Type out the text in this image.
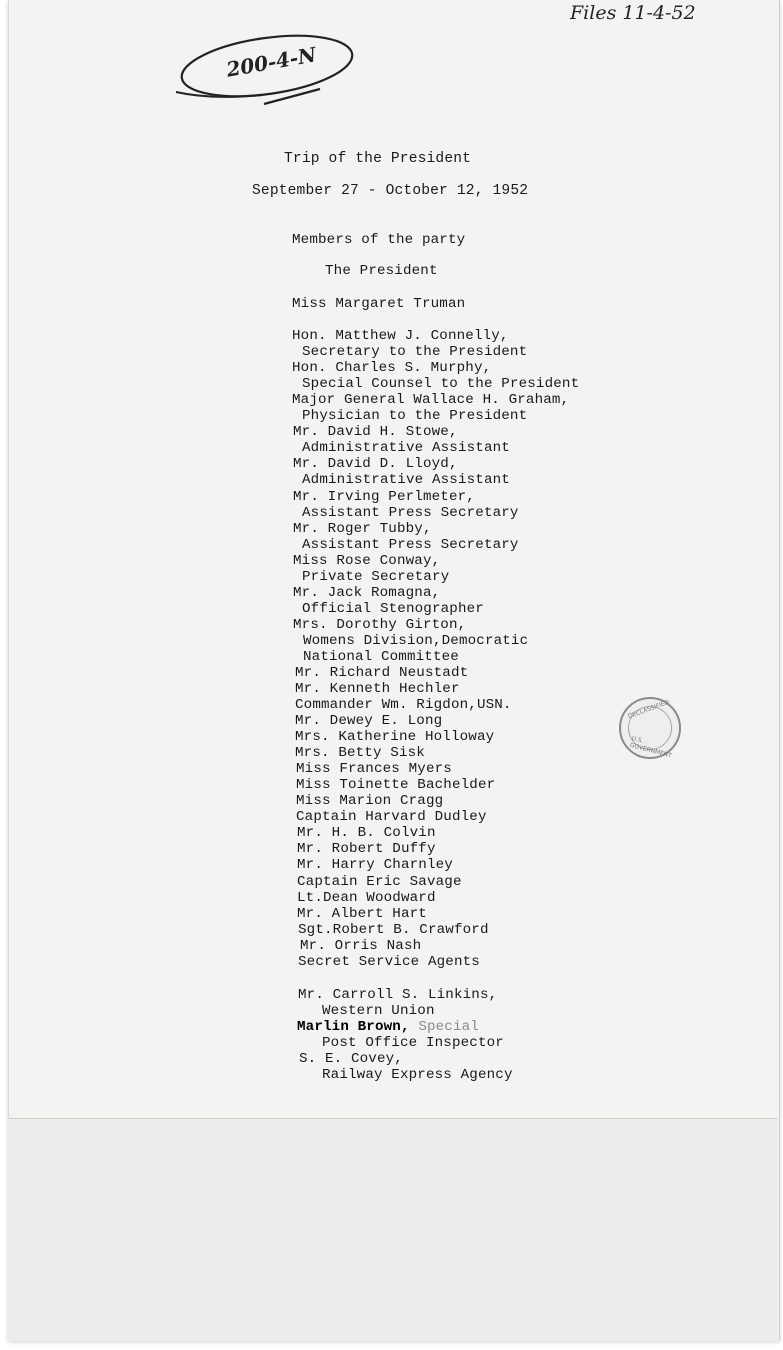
Files 11-4-52
200-4-N
Trip of the President
September 27 - October 12, 1952
Members of the party
The President
Miss Margaret Truman
Hon. Matthew J. Connelly,
Secretary to the President
Hon. Charles S. Murphy,
Special Counsel to the President
Major General Wallace H. Graham,
Physician to the President
Mr. David H. Stowe,
Administrative Assistant
Mr. David D. Lloyd,
Administrative Assistant
Mr. Irving Perlmeter,
Assistant Press Secretary
Mr. Roger Tubby,
Assistant Press Secretary
Miss Rose Conway,
Private Secretary
Mr. Jack Romagna,
Official Stenographer
Mrs. Dorothy Girton,
Womens Division,Democratic
National Committee
Mr. Richard Neustadt
Mr. Kenneth Hechler
Commander Wm. Rigdon,USN.
Mr. Dewey E. Long
Mrs. Katherine Holloway
Mrs. Betty Sisk
Miss Frances Myers
Miss Toinette Bachelder
Miss Marion Cragg
Captain Harvard Dudley
Mr. H. B. Colvin
Mr. Robert Duffy
Mr. Harry Charnley
Captain Eric Savage
Lt.Dean Woodward
Mr. Albert Hart
Sgt.Robert B. Crawford
Mr. Orris Nash
Secret Service Agents
Mr. Carroll S. Linkins,
Western Union
Marlin Brown, Special
Post Office Inspector
S. E. Covey,
Railway Express Agency
DECLASSIFIED
U.S. GOVERNMENT
